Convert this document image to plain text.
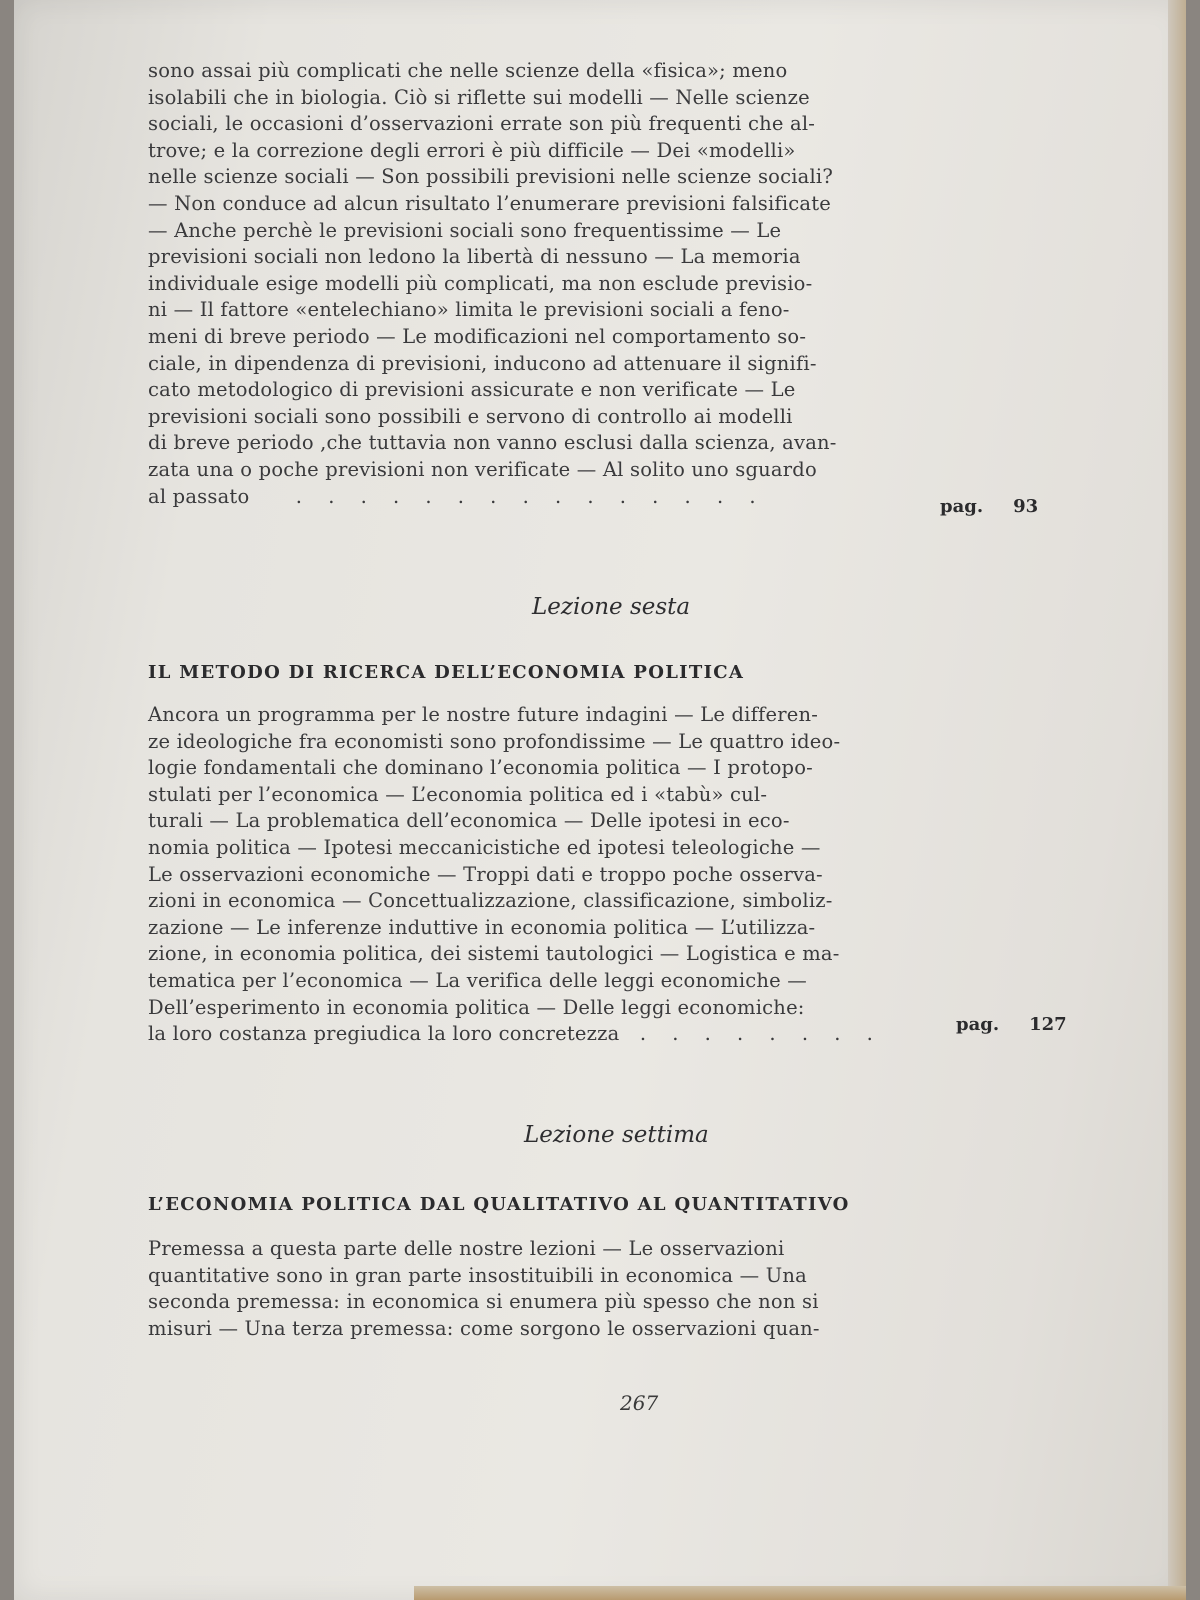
sono assai più complicati che nelle scienze della «fisica»; meno

isolabili che in biologia. Ciò si riflette sui modelli — Nelle scienze

sociali, le occasioni d’osservazioni errate son più frequenti che al-

trove; e la correzione degli errori è più difficile — Dei «modelli»

nelle scienze sociali — Son possibili previsioni nelle scienze sociali?

— Non conduce ad alcun risultato l’enumerare previsioni falsificate

— Anche perchè le previsioni sociali sono frequentissime — Le

previsioni sociali non ledono la libertà di nessuno — La memoria

individuale esige modelli più complicati, ma non esclude previsio-

ni — Il fattore «entelechiano» limita le previsioni sociali a feno-

meni di breve periodo — Le modificazioni nel comportamento so-

ciale, in dipendenza di previsioni, inducono ad attenuare il signifi-

cato metodologico di previsioni assicurate e non verificate — Le

previsioni sociali sono possibili e servono di controllo ai modelli

di breve periodo ,che tuttavia non vanno esclusi dalla scienza, avan-

zata una o poche previsioni non verificate — Al solito uno sguardo

al passato . . . . . . . . . . . . . . .	pag. 93
Lezione sesta
IL METODO DI RICERCA DELL’ECONOMIA POLITICA

Ancora un programma per le nostre future indagini — Le differen-

ze ideologiche fra economisti sono profondissime — Le quattro ideo-

logie fondamentali che dominano l’economia politica — I protopo-

stulati per l’economica — L’economia politica ed i «tabù» cul-

turali — La problematica dell’economica — Delle ipotesi in eco-

nomia politica — Ipotesi meccanicistiche ed ipotesi teleologiche —

Le osservazioni economiche — Troppi dati e troppo poche osserva-

zioni in economica — Concettualizzazione, classificazione, simboliz-

zazione — Le inferenze induttive in economia politica — L’utilizza-

zione, in economia politica, dei sistemi tautologici — Logistica e ma-

tematica per l’economica — La verifica delle leggi economiche —

Dell’esperimento in economia politica — Delle leggi economiche:

la loro costanza pregiudica la loro concretezza . . . . . . . .	pag. 127
Lezione settima
L’ECONOMIA POLITICA DAL QUALITATIVO AL QUANTITATIVO

Premessa a questa parte delle nostre lezioni — Le osservazioni

quantitative sono in gran parte insostituibili in economica — Una

seconda premessa: in economica si enumera più spesso che non si

misuri — Una terza premessa: come sorgono le osservazioni quan-

267
